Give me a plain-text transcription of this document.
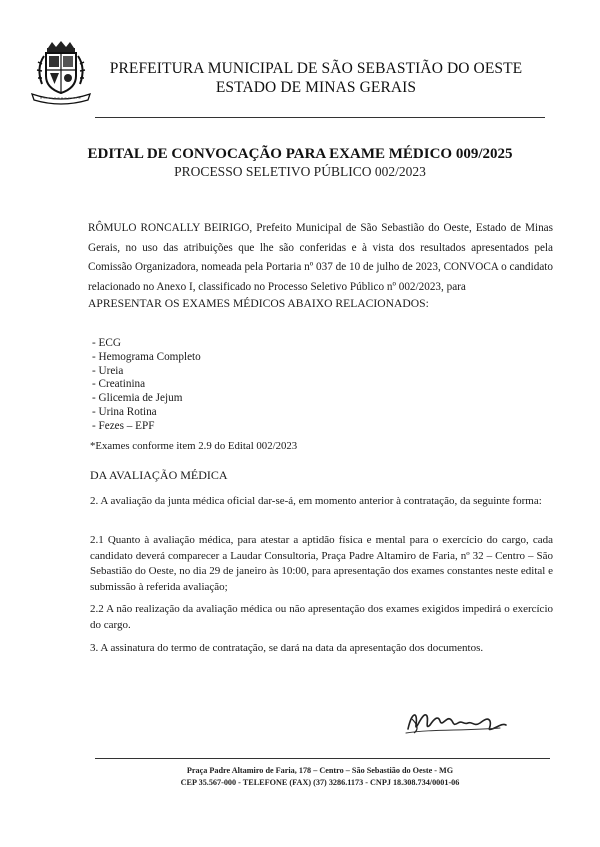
PREFEITURA MUNICIPAL DE SÃO SEBASTIÃO DO OESTE
ESTADO DE MINAS GERAIS
EDITAL DE CONVOCAÇÃO PARA EXAME MÉDICO 009/2025
PROCESSO SELETIVO PÚBLICO 002/2023
RÔMULO RONCALLY BEIRIGO, Prefeito Municipal de São Sebastião do Oeste, Estado de Minas Gerais, no uso das atribuições que lhe são conferidas e à vista dos resultados apresentados pela Comissão Organizadora, nomeada pela Portaria nº 037 de 10 de julho de 2023, CONVOCA o candidato relacionado no Anexo I, classificado no Processo Seletivo Público nº 002/2023, para
APRESENTAR OS EXAMES MÉDICOS ABAIXO RELACIONADOS:
- ECG
- Hemograma Completo
- Ureia
- Creatinina
- Glicemia de Jejum
- Urina Rotina
- Fezes – EPF
*Exames conforme item 2.9 do Edital 002/2023
DA AVALIAÇÃO MÉDICA
2. A avaliação da junta médica oficial dar-se-á, em momento anterior à contratação, da seguinte forma:
2.1 Quanto à avaliação médica, para atestar a aptidão física e mental para o exercício do cargo, cada candidato deverá comparecer a Laudar Consultoria, Praça Padre Altamiro de Faria, nº 32 – Centro – São Sebastião do Oeste, no dia 29 de janeiro às 10:00, para apresentação dos exames constantes neste edital e submissão à referida avaliação;
2.2 A não realização da avaliação médica ou não apresentação dos exames exigidos impedirá o exercício do cargo.
3. A assinatura do termo de contratação, se dará na data da apresentação dos documentos.
Praça Padre Altamiro de Faria, 178 – Centro – São Sebastião do Oeste - MG
CEP 35.567-000 - TELEFONE (FAX) (37) 3286.1173 - CNPJ 18.308.734/0001-06
